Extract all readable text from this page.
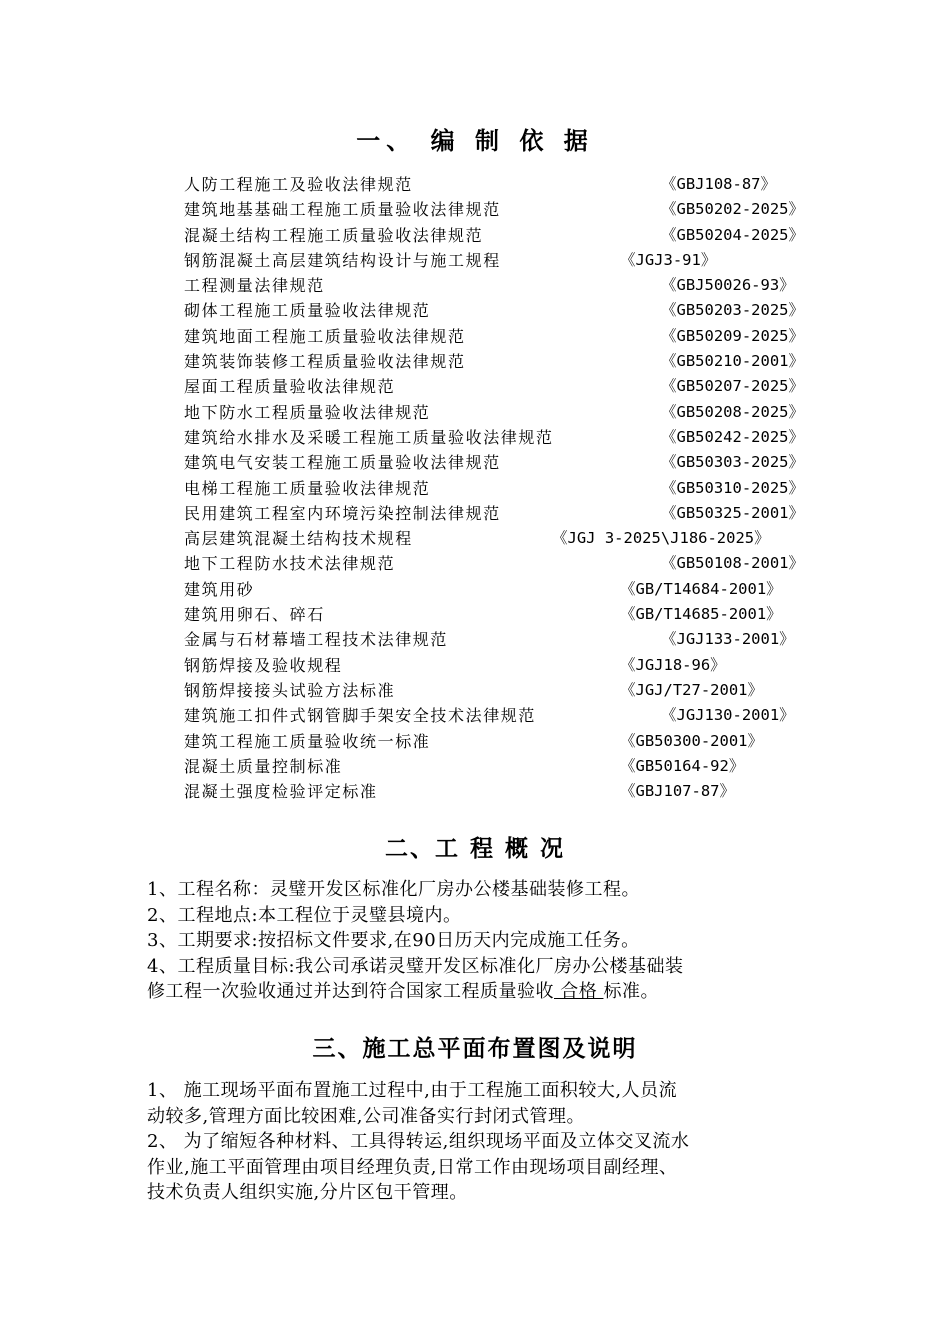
一、 编 制 依 据
人防工程施工及验收法律规范	《GBJ108-87》
建筑地基基础工程施工质量验收法律规范	《GB50202-2025》
混凝土结构工程施工质量验收法律规范	《GB50204-2025》
钢筋混凝土高层建筑结构设计与施工规程	《JGJ3-91》
工程测量法律规范	《GBJ50026-93》
砌体工程施工质量验收法律规范	《GB50203-2025》
建筑地面工程施工质量验收法律规范	《GB50209-2025》
建筑装饰装修工程质量验收法律规范	《GB50210-2001》
屋面工程质量验收法律规范	《GB50207-2025》
地下防水工程质量验收法律规范	《GB50208-2025》
建筑给水排水及采暖工程施工质量验收法律规范	《GB50242-2025》
建筑电气安装工程施工质量验收法律规范	《GB50303-2025》
电梯工程施工质量验收法律规范	《GB50310-2025》
民用建筑工程室内环境污染控制法律规范	《GB50325-2001》
高层建筑混凝土结构技术规程	《JGJ 3-2025\J186-2025》
地下工程防水技术法律规范	《GB50108-2001》
建筑用砂	《GB/T14684-2001》
建筑用卵石、碎石	《GB/T14685-2001》
金属与石材幕墙工程技术法律规范	《JGJ133-2001》
钢筋焊接及验收规程	《JGJ18-96》
钢筋焊接接头试验方法标准	《JGJ/T27-2001》
建筑施工扣件式钢管脚手架安全技术法律规范	《JGJ130-2001》
建筑工程施工质量验收统一标准	《GB50300-2001》
混凝土质量控制标准	《GB50164-92》
混凝土强度检验评定标准	《GBJ107-87》
二、工 程 概 况

1、工程名称：灵璧开发区标准化厂房办公楼基础装修工程。

2、工程地点:本工程位于灵璧县境内。

3、工期要求:按招标文件要求,在90日历天内完成施工任务。

4、工程质量目标:我公司承诺灵璧开发区标准化厂房办公楼基础装

修工程一次验收通过并达到符合国家工程质量验收 合格 标准。

三、施工总平面布置图及说明

1、 施工现场平面布置施工过程中,由于工程施工面积较大,人员流

动较多,管理方面比较困难,公司准备实行封闭式管理。

2、 为了缩短各种材料、工具得转运,组织现场平面及立体交叉流水

作业,施工平面管理由项目经理负责,日常工作由现场项目副经理、

技术负责人组织实施,分片区包干管理。
